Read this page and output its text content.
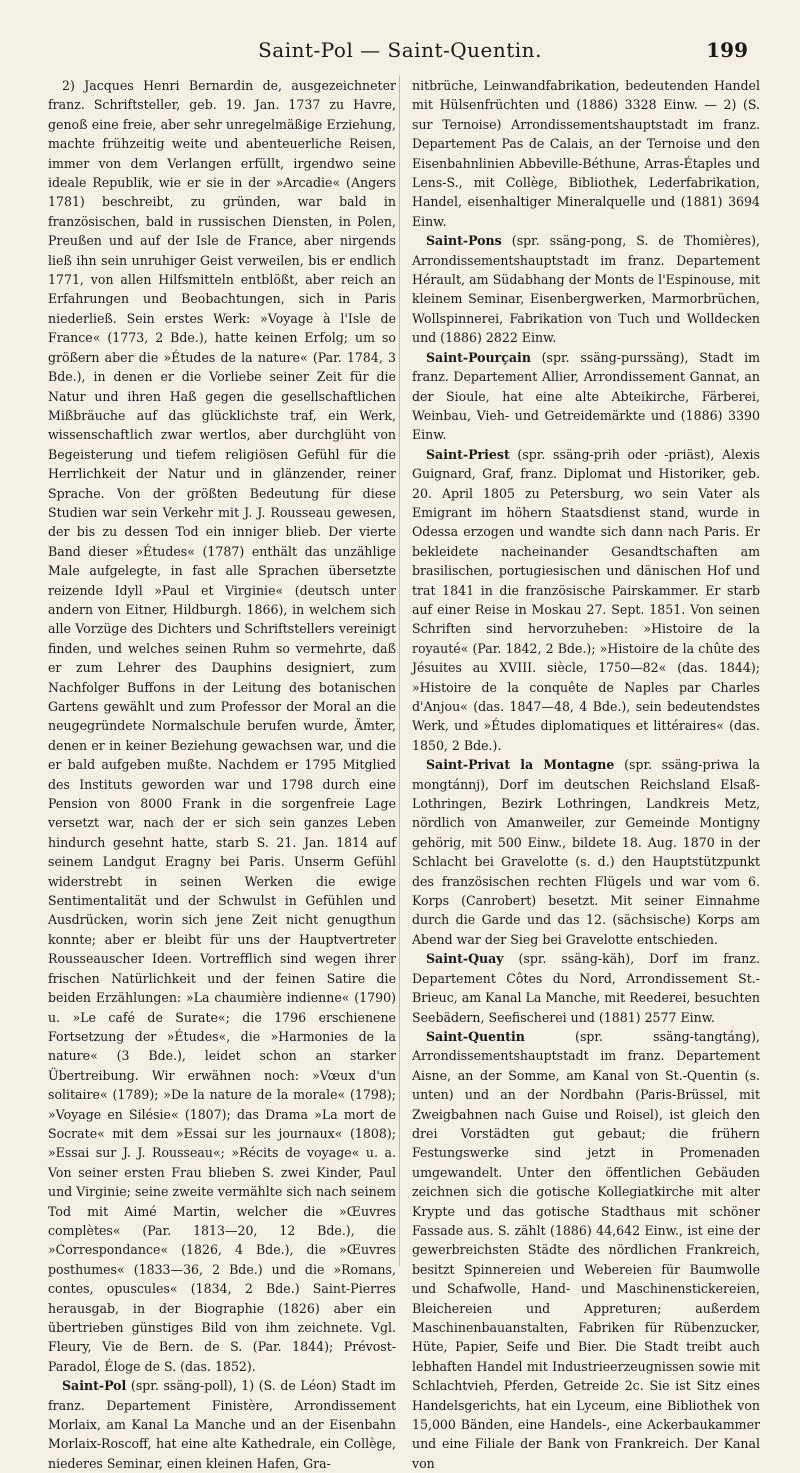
Saint-Pol — Saint-Quentin.	199

2) Jacques Henri Bernardin de, ausgezeichneter franz. Schriftsteller, geb. 19. Jan. 1737 zu Havre, genoß eine freie, aber sehr unregelmäßige Erziehung, machte frühzeitig weite und abenteuerliche Reisen, immer von dem Verlangen erfüllt, irgendwo seine ideale Republik, wie er sie in der »Arcadie« (Angers 1781) beschreibt, zu gründen, war bald in französischen, bald in russischen Diensten, in Polen, Preußen und auf der Isle de France, aber nirgends ließ ihn sein unruhiger Geist verweilen, bis er endlich 1771, von allen Hilfsmitteln entblößt, aber reich an Erfahrungen und Beobachtungen, sich in Paris niederließ. Sein erstes Werk: »Voyage à l'Isle de France« (1773, 2 Bde.), hatte keinen Erfolg; um so größern aber die »Études de la nature« (Par. 1784, 3 Bde.), in denen er die Vorliebe seiner Zeit für die Natur und ihren Haß gegen die gesellschaftlichen Mißbräuche auf das glücklichste traf, ein Werk, wissenschaftlich zwar wertlos, aber durchglüht von Begeisterung und tiefem religiösen Gefühl für die Herrlichkeit der Natur und in glänzender, reiner Sprache. Von der größten Bedeutung für diese Studien war sein Verkehr mit J. J. Rousseau gewesen, der bis zu dessen Tod ein inniger blieb. Der vierte Band dieser »Études« (1787) enthält das unzählige Male aufgelegte, in fast alle Sprachen übersetzte reizende Idyll »Paul et Virginie« (deutsch unter andern von Eitner, Hildburgh. 1866), in welchem sich alle Vorzüge des Dichters und Schriftstellers vereinigt finden, und welches seinen Ruhm so vermehrte, daß er zum Lehrer des Dauphins designiert, zum Nachfolger Buffons in der Leitung des botanischen Gartens gewählt und zum Professor der Moral an die neugegründete Normalschule berufen wurde, Ämter, denen er in keiner Beziehung gewachsen war, und die er bald aufgeben mußte. Nachdem er 1795 Mitglied des Instituts geworden war und 1798 durch eine Pension von 8000 Frank in die sorgenfreie Lage versetzt war, nach der er sich sein ganzes Leben hindurch gesehnt hatte, starb S. 21. Jan. 1814 auf seinem Landgut Eragny bei Paris. Unserm Gefühl widerstrebt in seinen Werken die ewige Sentimentalität und der Schwulst in Gefühlen und Ausdrücken, worin sich jene Zeit nicht genugthun konnte; aber er bleibt für uns der Hauptvertreter Rousseauscher Ideen. Vortrefflich sind wegen ihrer frischen Natürlichkeit und der feinen Satire die beiden Erzählungen: »La chaumière indienne« (1790) u. »Le café de Surate«; die 1796 erschienene Fortsetzung der »Études«, die »Harmonies de la nature« (3 Bde.), leidet schon an starker Übertreibung. Wir erwähnen noch: »Vœux d'un solitaire« (1789); »De la nature de la morale« (1798); »Voyage en Silésie« (1807); das Drama »La mort de Socrate« mit dem »Essai sur les journaux« (1808); »Essai sur J. J. Rousseau«; »Récits de voyage« u. a. Von seiner ersten Frau blieben S. zwei Kinder, Paul und Virginie; seine zweite vermählte sich nach seinem Tod mit Aimé Martin, welcher die »Œuvres complètes« (Par. 1813—20, 12 Bde.), die »Correspondance« (1826, 4 Bde.), die »Œuvres posthumes« (1833—36, 2 Bde.) und die »Romans, contes, opuscules« (1834, 2 Bde.) Saint-Pierres herausgab, in der Biographie (1826) aber ein übertrieben günstiges Bild von ihm zeichnete. Vgl. Fleury, Vie de Bern. de S. (Par. 1844); Prévost-Paradol, Éloge de S. (das. 1852).

Saint-Pol (spr. ssäng-poll), 1) (S. de Léon) Stadt im franz. Departement Finistère, Arrondissement Morlaix, am Kanal La Manche und an der Eisenbahn Morlaix-Roscoff, hat eine alte Kathedrale, ein Collège, niederes Seminar, einen kleinen Hafen, Gra-

nitbrüche, Leinwandfabrikation, bedeutenden Handel mit Hülsenfrüchten und (1886) 3328 Einw. — 2) (S. sur Ternoise) Arrondissementshauptstadt im franz. Departement Pas de Calais, an der Ternoise und den Eisenbahnlinien Abbeville-Béthune, Arras-Étaples und Lens-S., mit Collège, Bibliothek, Lederfabrikation, Handel, eisenhaltiger Mineralquelle und (1881) 3694 Einw.

Saint-Pons (spr. ssäng-pong, S. de Thomières), Arrondissementshauptstadt im franz. Departement Hérault, am Südabhang der Monts de l'Espinouse, mit kleinem Seminar, Eisenbergwerken, Marmorbrüchen, Wollspinnerei, Fabrikation von Tuch und Wolldecken und (1886) 2822 Einw.

Saint-Pourçain (spr. ssäng-purssäng), Stadt im franz. Departement Allier, Arrondissement Gannat, an der Sioule, hat eine alte Abteikirche, Färberei, Weinbau, Vieh- und Getreidemärkte und (1886) 3390 Einw.

Saint-Priest (spr. ssäng-prih oder -priäst), Alexis Guignard, Graf, franz. Diplomat und Historiker, geb. 20. April 1805 zu Petersburg, wo sein Vater als Emigrant im höhern Staatsdienst stand, wurde in Odessa erzogen und wandte sich dann nach Paris. Er bekleidete nacheinander Gesandtschaften am brasilischen, portugiesischen und dänischen Hof und trat 1841 in die französische Pairskammer. Er starb auf einer Reise in Moskau 27. Sept. 1851. Von seinen Schriften sind hervorzuheben: »Histoire de la royauté« (Par. 1842, 2 Bde.); »Histoire de la chûte des Jésuites au XVIII. siècle, 1750—82« (das. 1844); »Histoire de la conquête de Naples par Charles d'Anjou« (das. 1847—48, 4 Bde.), sein bedeutendstes Werk, und »Études diplomatiques et littéraires« (das. 1850, 2 Bde.).

Saint-Privat la Montagne (spr. ssäng-priwa la mongtánnj), Dorf im deutschen Reichsland Elsaß-Lothringen, Bezirk Lothringen, Landkreis Metz, nördlich von Amanweiler, zur Gemeinde Montigny gehörig, mit 500 Einw., bildete 18. Aug. 1870 in der Schlacht bei Gravelotte (s. d.) den Hauptstützpunkt des französischen rechten Flügels und war vom 6. Korps (Canrobert) besetzt. Mit seiner Einnahme durch die Garde und das 12. (sächsische) Korps am Abend war der Sieg bei Gravelotte entschieden.

Saint-Quay (spr. ssäng-käh), Dorf im franz. Departement Côtes du Nord, Arrondissement St.-Brieuc, am Kanal La Manche, mit Reederei, besuchten Seebädern, Seefischerei und (1881) 2577 Einw.

Saint-Quentin	(spr. ssäng-tangtáng), Arrondissementshauptstadt im franz. Departement Aisne, an der Somme, am Kanal von St.-Quentin (s. unten) und an der Nordbahn (Paris-Brüssel, mit Zweigbahnen nach Guise und Roisel), ist gleich den drei Vorstädten gut gebaut; die frühern Festungswerke sind jetzt in Promenaden umgewandelt. Unter den öffentlichen Gebäuden zeichnen sich die gotische Kollegiatkirche mit alter Krypte und das gotische Stadthaus mit schöner Fassade aus. S. zählt (1886) 44,642 Einw., ist eine der gewerbreichsten Städte des nördlichen Frankreich, besitzt Spinnereien und Webereien für Baumwolle und Schafwolle, Hand- und Maschinenstickereien, Bleichereien und Appreturen; außerdem Maschinenbauanstalten, Fabriken für Rübenzucker, Hüte, Papier, Seife und Bier. Die Stadt treibt auch lebhaften Handel mit Industrieerzeugnissen sowie mit Schlachtvieh, Pferden, Getreide 2c. Sie ist Sitz eines Handelsgerichts, hat ein Lyceum, eine Bibliothek von 15,000 Bänden, eine Handels-, eine Ackerbaukammer und eine Filiale der Bank von Frankreich. Der Kanal von
